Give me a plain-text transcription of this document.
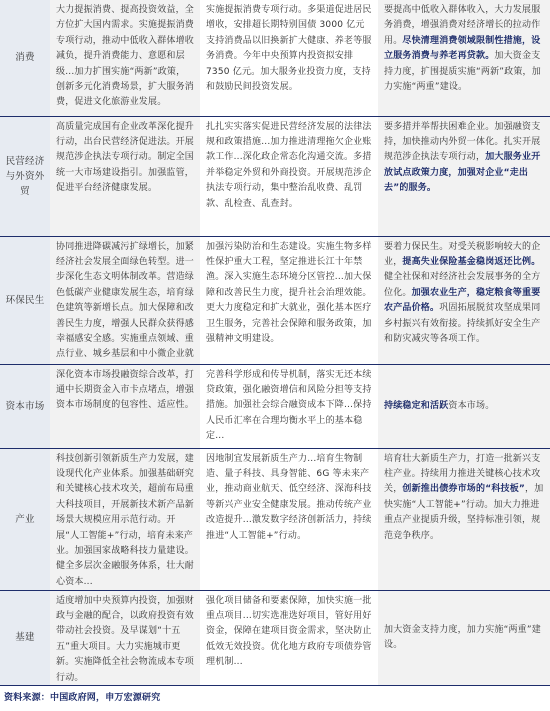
消费	大力提振消费、提高投资效益，全方位扩大国内需求。实施提振消费专项行动，推动中低收入群体增收减负，提升消费能力、意愿和层级...加力扩围实施“两新”政策，创新多元化消费场景，扩大服务消费，促进文化旅游业发展。	实施提振消费专项行动。多渠道促进居民增收，安排超长期特别国债 3000 亿元支持消费品以旧换新扩大健康、养老等服务消费。今年中央预算内投资拟安排 7350 亿元。加大服务业投资力度，支持和鼓励民间投资发展。	要提高中低收入群体收入，大力发展服务消费，增强消费对经济增长的拉动作用。尽快清理消费领域限制性措施，设立服务消费与养老再贷款。加大资金支持力度，扩围提质实施“两新”政策，加力实施“两重”建设。

民营经济与外资外贸	高质量完成国有企业改革深化提升行动，出台民营经济促进法。开展规范涉企执法专项行动。制定全国统一大市场建设指引。加强监管，促进平台经济健康发展。	扎扎实实落实促进民营经济发展的法律法规和政策措施...加力推进清理拖欠企业账款工作...深化政企常态化沟通交流。多措并举稳定外贸和外商投资。开展规范涉企执法专项行动，集中整治乱收费、乱罚款、乱检查、乱查封。	要多措并举帮扶困难企业。加强融资支持，加快推动内外贸一体化。扎实开展规范涉企执法专项行动，加大服务业开放试点政策力度，加强对企业“走出去”的服务。

环保民生	协同推进降碳减污扩绿增长，加紧经济社会发展全面绿色转型。进一步深化生态文明体制改革。营造绿色低碳产业健康发展生态，培育绿色建筑等新增长点。加大保障和改善民生力度，增强人民群众获得感幸福感安全感。实施重点领域、重点行业、城乡基层和中小微企业就	加强污染防治和生态建设。实施生物多样性保护重大工程，坚定推进长江十年禁渔。深入实施生态环境分区管控...加大保障和改善民生力度，提升社会治理效能。更大力度稳定和扩大就业，强化基本医疗卫生服务，完善社会保障和服务政策，加强精神文明建设。	要着力保民生。对受关税影响较大的企业，提高失业保险基金稳岗返还比例。健全社保和对经济社会发展事务的全方位化。加强农业生产，稳定粮食等重要农产品价格。巩固拓展脱贫攻坚成果同乡村振兴有效衔接。持续抓好安全生产和防灾减灾等各项工作。

资本市场	深化资本市场投融资综合改革，打通中长期资金入市卡点堵点，增强资本市场制度的包容性、适应性。	完善科学形成和传导机制，落实无还本续贷政策，强化融资增信和风险分担等支持措施。加强社会综合融资成本下降...保持人民币汇率在合理均衡水平上的基本稳定...	持续稳定和活跃资本市场。

产业	科技创新引领新质生产力发展，建设现代化产业体系。加强基础研究和关键核心技术攻关，超前布局重大科技项目，开展新技术新产品新场景大规模应用示范行动。开展“人工智能+”行动，培育未来产业。加强国家战略科技力量建设。健全多层次金融服务体系，壮大耐心资本...	因地制宜发展新质生产力...培育生物制造、量子科技、具身智能、6G 等未来产业，推动商业航天、低空经济、深海科技等新兴产业安全健康发展。推动传统产业改造提升...激发数字经济创新活力，持续推进“人工智能+”行动。	培育壮大新质生产力，打造一批新兴支柱产业。持续用力推进关键核心技术攻关，创新推出债券市场的“科技板”，加快实施“人工智能+”行动。加大力推进重点产业提质升级，坚持标准引领，规范竞争秩序。

基建	适度增加中央预算内投资，加强财政与金融的配合，以政府投资有效带动社会投资。及早谋划“十五五”重大项目。大力实施城市更新。实施降低全社会物流成本专项行动。	强化项目储备和要素保障，加快实施一批重点项目...切实选准选好项目，管好用好资金，保障在建项目资金需求，坚决防止低效无效投资。优化地方政府专项债券管理机制...	加大资金支持力度，加力实施“两重”建设。
资料来源：中国政府网，申万宏源研究
